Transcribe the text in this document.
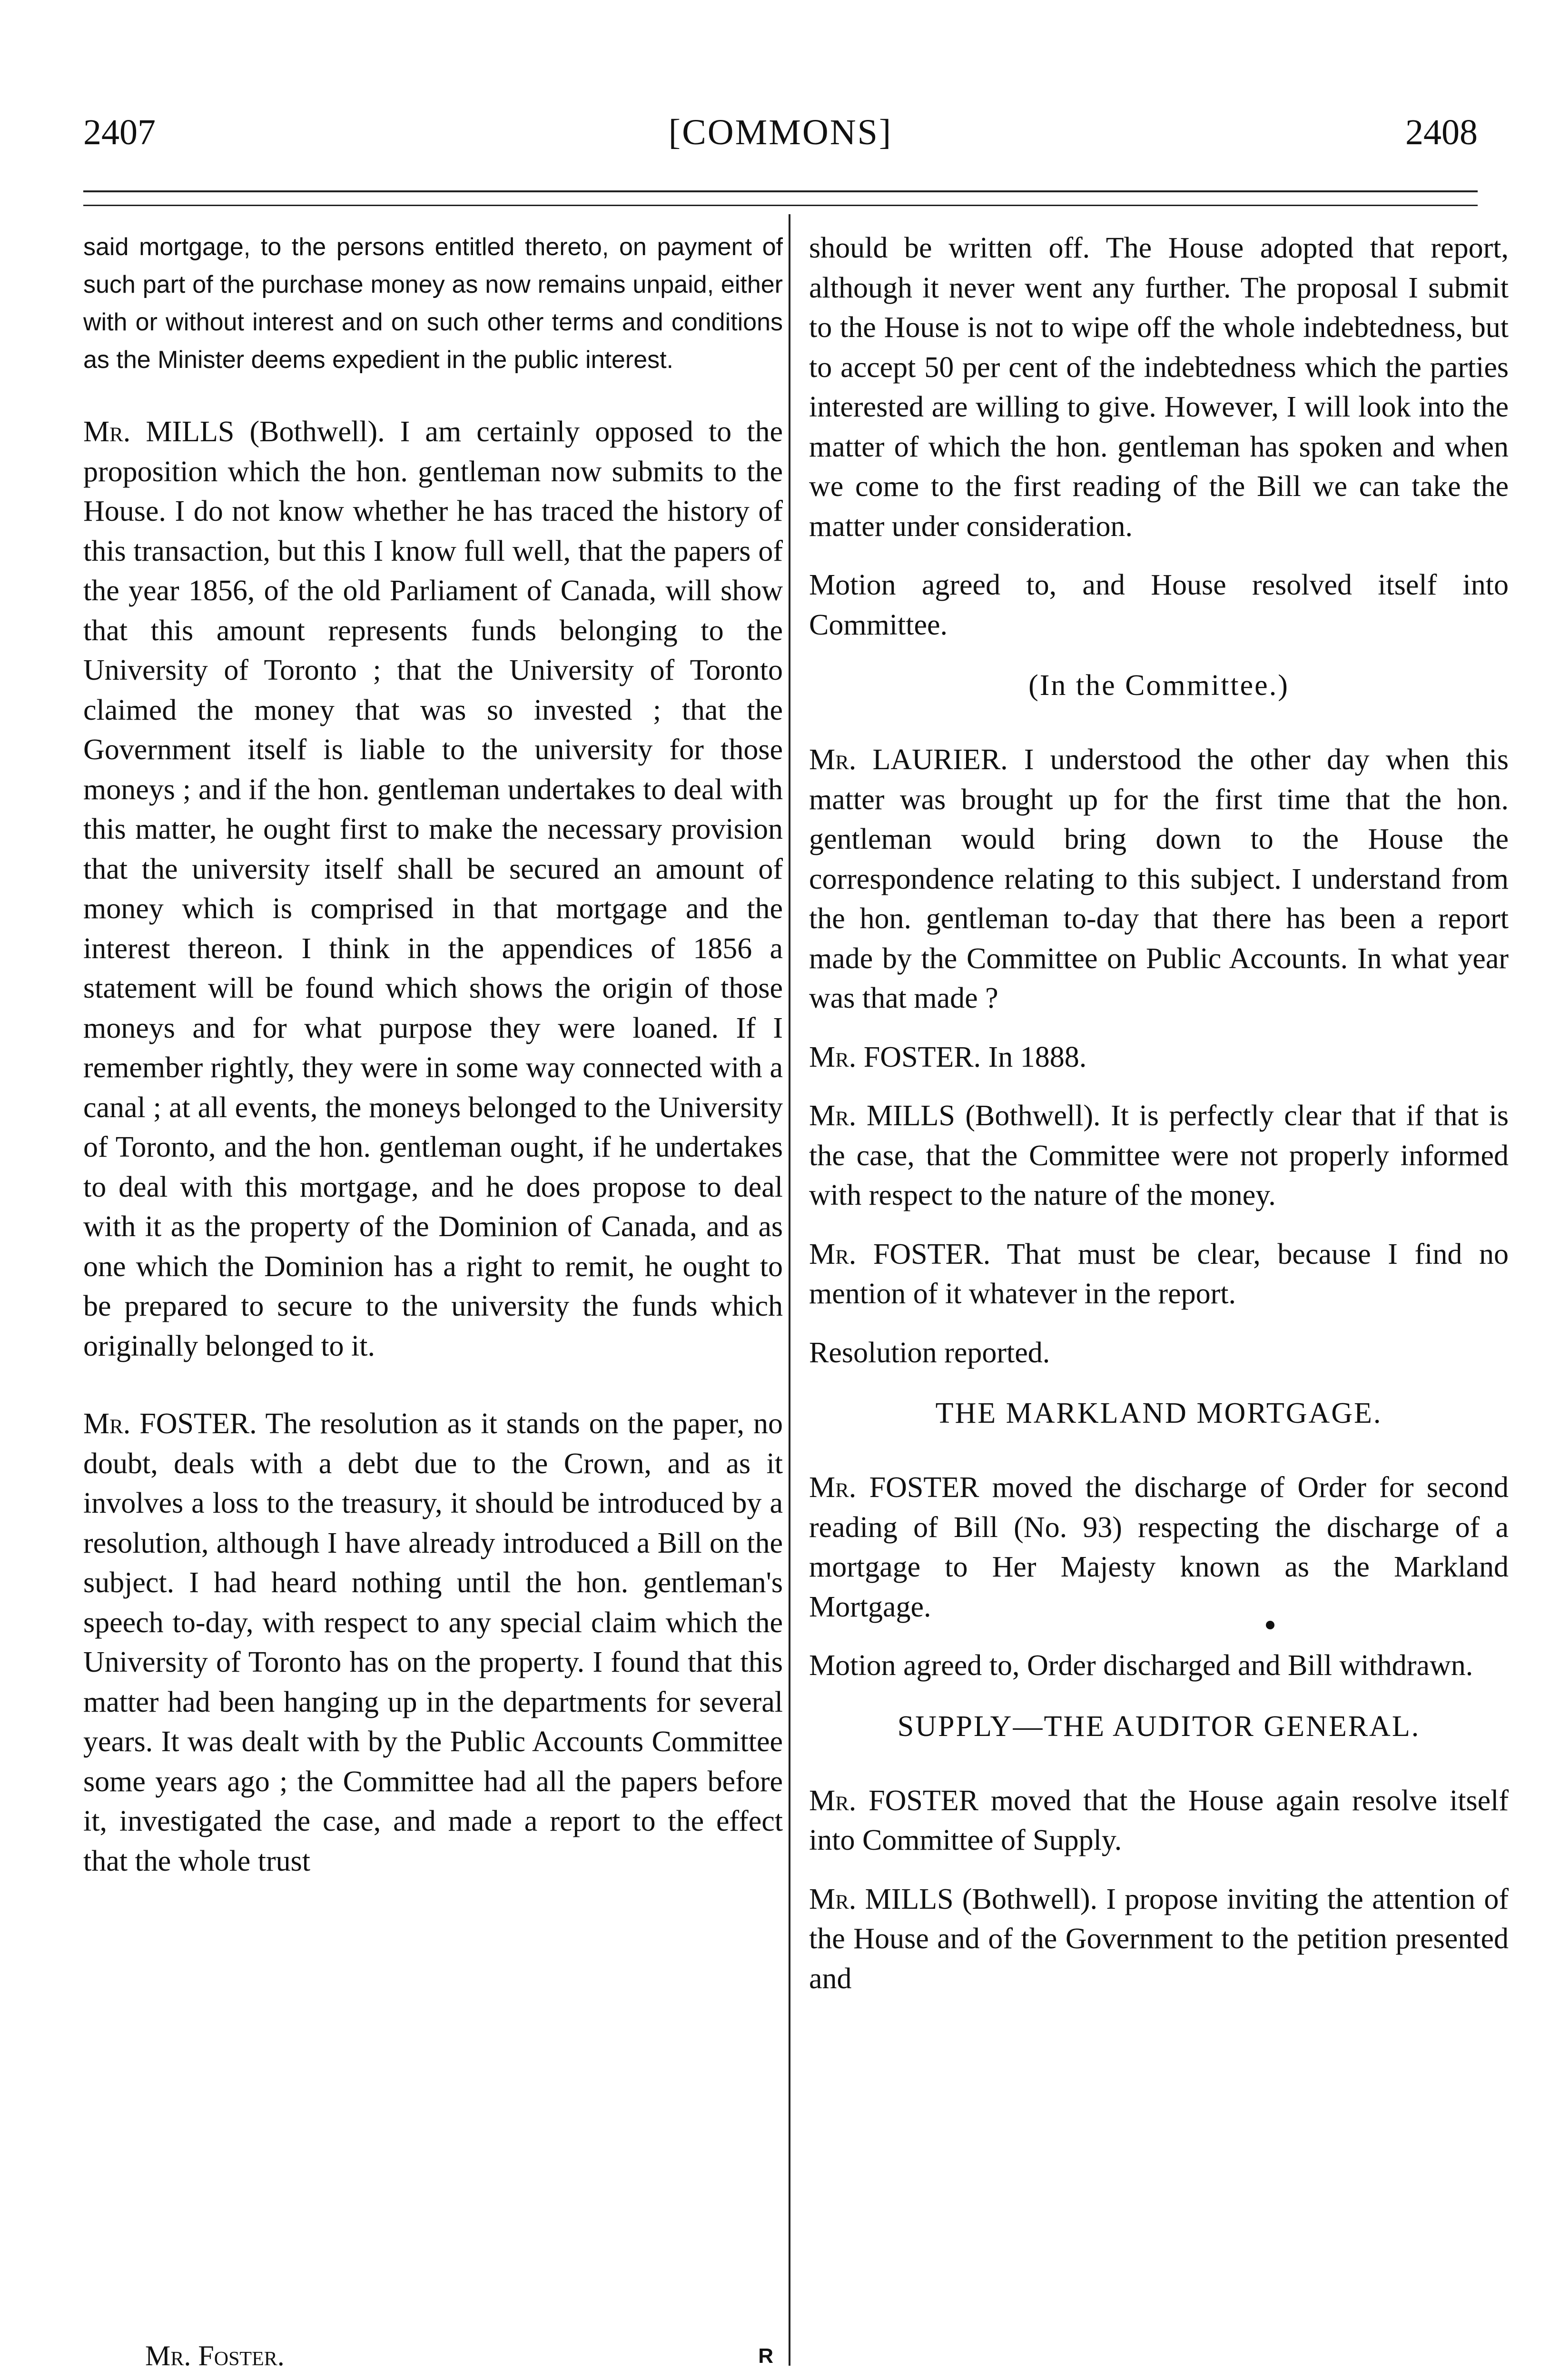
2407	[COMMONS]	2408

said mortgage, to the persons entitled thereto, on payment of such part of the purchase money as now remains unpaid, either with or without interest and on such other terms and conditions as the Minister deems expedient in the public interest.

Mr. MILLS (Bothwell). I am certainly opposed to the proposition which the hon. gentleman now submits to the House. I do not know whether he has traced the history of this transaction, but this I know full well, that the papers of the year 1856, of the old Parliament of Canada, will show that this amount represents funds belonging to the University of Toronto ; that the University of Toronto claimed the money that was so invested ; that the Government itself is liable to the university for those moneys ; and if the hon. gentleman undertakes to deal with this matter, he ought first to make the necessary provision that the university itself shall be secured an amount of money which is comprised in that mortgage and the interest thereon. I think in the appendices of 1856 a statement will be found which shows the origin of those moneys and for what purpose they were loaned. If I remember rightly, they were in some way connected with a canal ; at all events, the moneys belonged to the University of Toronto, and the hon. gentleman ought, if he undertakes to deal with this mortgage, and he does propose to deal with it as the property of the Dominion of Canada, and as one which the Dominion has a right to remit, he ought to be prepared to secure to the university the funds which originally belonged to it.

Mr. FOSTER. The resolution as it stands on the paper, no doubt, deals with a debt due to the Crown, and as it involves a loss to the treasury, it should be introduced by a resolution, although I have already introduced a Bill on the subject. I had heard nothing until the hon. gentleman's speech to-day, with respect to any special claim which the University of Toronto has on the property. I found that this matter had been hanging up in the departments for several years. It was dealt with by the Public Accounts Committee some years ago ; the Committee had all the papers before it, investigated the case, and made a report to the effect that the whole trust

should be written off. The House adopted that report, although it never went any further. The proposal I submit to the House is not to wipe off the whole indebtedness, but to accept 50 per cent of the indebtedness which the parties interested are willing to give. However, I will look into the matter of which the hon. gentleman has spoken and when we come to the first reading of the Bill we can take the matter under consideration.

Motion agreed to, and House resolved itself into Committee.

(In the Committee.)

Mr. LAURIER. I understood the other day when this matter was brought up for the first time that the hon. gentleman would bring down to the House the correspondence relating to this subject. I understand from the hon. gentleman to-day that there has been a report made by the Committee on Public Accounts. In what year was that made ?

Mr. FOSTER. In 1888.

Mr. MILLS (Bothwell). It is perfectly clear that if that is the case, that the Committee were not properly informed with respect to the nature of the money.

Mr. FOSTER. That must be clear, because I find no mention of it whatever in the report.

Resolution reported.

THE MARKLAND MORTGAGE.

Mr. FOSTER moved the discharge of Order for second reading of Bill (No. 93) respecting the discharge of a mortgage to Her Majesty known as the Markland Mortgage.

Motion agreed to, Order discharged and Bill withdrawn.

SUPPLY—THE AUDITOR GENERAL.

Mr. FOSTER moved that the House again resolve itself into Committee of Supply.

Mr. MILLS (Bothwell). I propose inviting the attention of the House and of the Government to the petition presented and

Mr. Foster.	R
